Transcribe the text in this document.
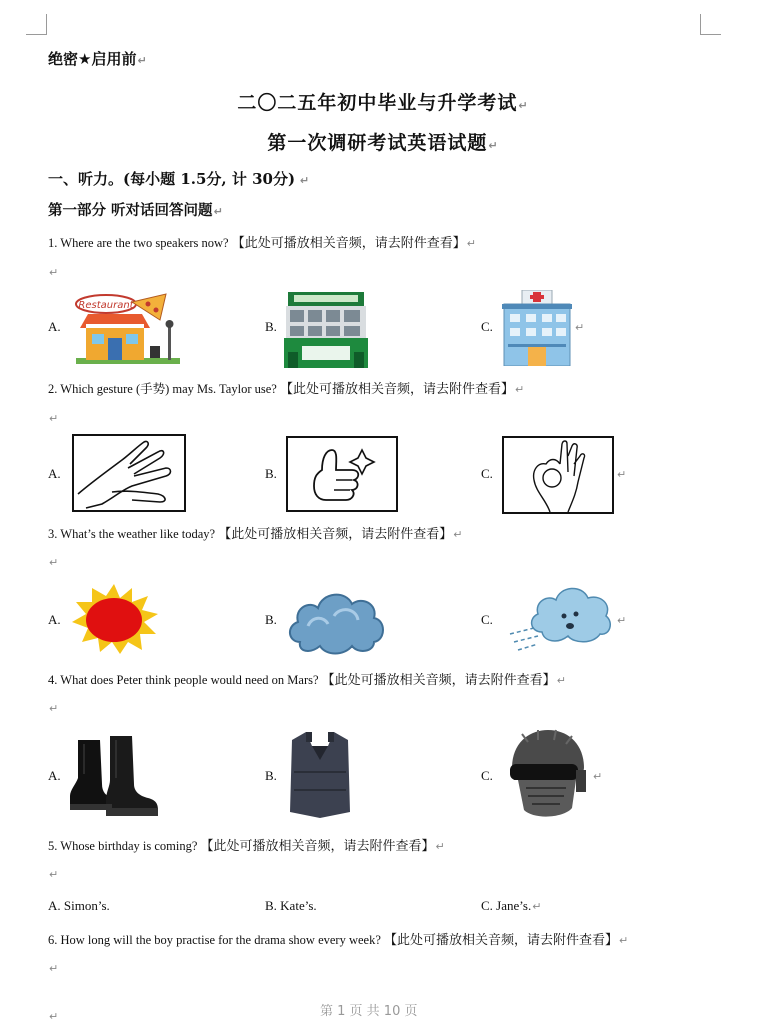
绝密★启用前↵
二〇二五年初中毕业与升学考试↵
第一次调研考试英语试题↵
一、听力。(每小题 1.5分, 计 30分) ↵
第一部分 听对话回答问题↵
1. Where are the two speakers now? 【此处可播放相关音频，请去附件查看】↵
↵
A.	B.	C.
Restaurant
↵
2. Which gesture (手势) may Ms. Taylor use? 【此处可播放相关音频，请去附件查看】↵
↵
A.	B.	C.	↵
3. What’s the weather like today? 【此处可播放相关音频，请去附件查看】↵
↵
A.	B.	C.	↵
4. What does Peter think people would need on Mars? 【此处可播放相关音频，请去附件查看】↵
↵
A.	B.	C.	↵
5. Whose birthday is coming? 【此处可播放相关音频，请去附件查看】↵
↵
A. Simon’s.	B. Kate’s.	C. Jane’s.↵
6. How long will the boy practise for the drama show every week? 【此处可播放相关音频，请去附件查看】↵
↵
↵	第 1 页 共 10 页
